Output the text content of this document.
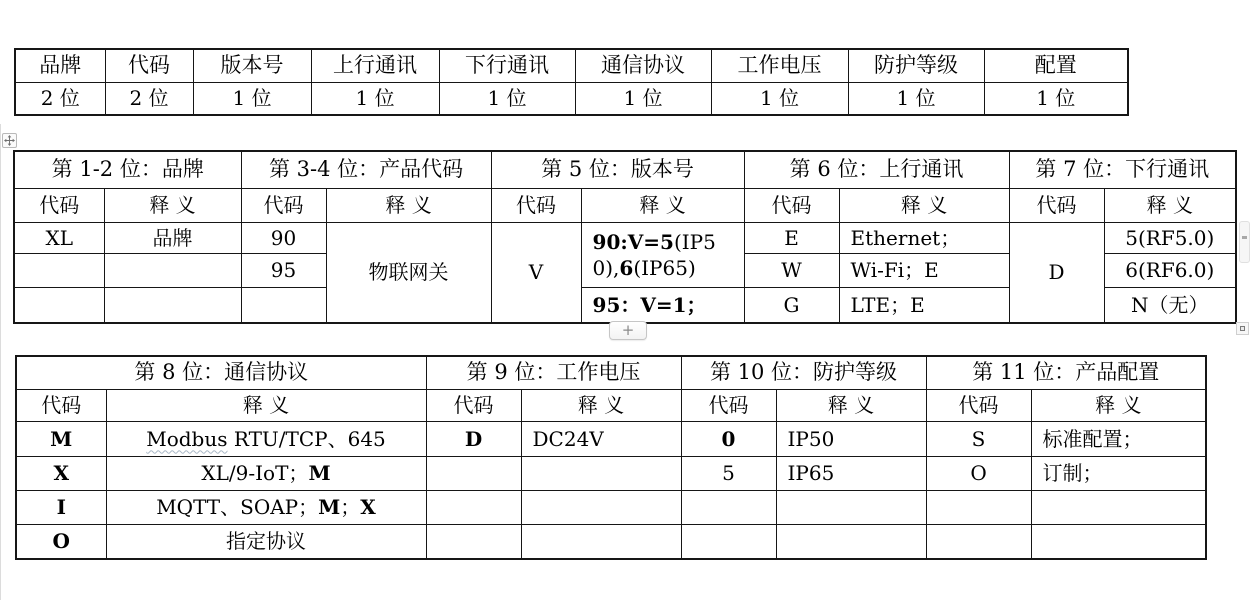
品牌	代码	版本号	上行通讯	下行通讯	通信协议	工作电压	防护等级	配置
2 位	2 位	1 位	1 位	1 位	1 位	1 位	1 位	1 位
第 1-2 位：品牌		第 3-4 位：产品代码		第 5 位：版本号		第 6 位：上行通讯		第 7 位：下行通讯	
代码	释 义	代码	释 义	代码	释 义	代码	释 义	代码	释 义
XL	品牌	90	物联网关	V	90:V=5(IP50),6(IP65)	E	Ethernet；	D	5(RF5.0)
		95				W	Wi-Fi；E		6(RF6.0)
					95：V=1；	G	LTE；E		N（无）
第 8 位：通信协议		第 9 位：工作电压		第 10 位：防护等级		第 11 位：产品配置	
代码	释 义	代码	释 义	代码	释 义	代码	释 义
M	Modbus RTU/TCP、645	D	DC24V	0	IP50	S	标准配置；
X	XL/9-IoT；M			5	IP65	O	订制；
I	MQTT、SOAP；M；X						
O	指定协议						
+
